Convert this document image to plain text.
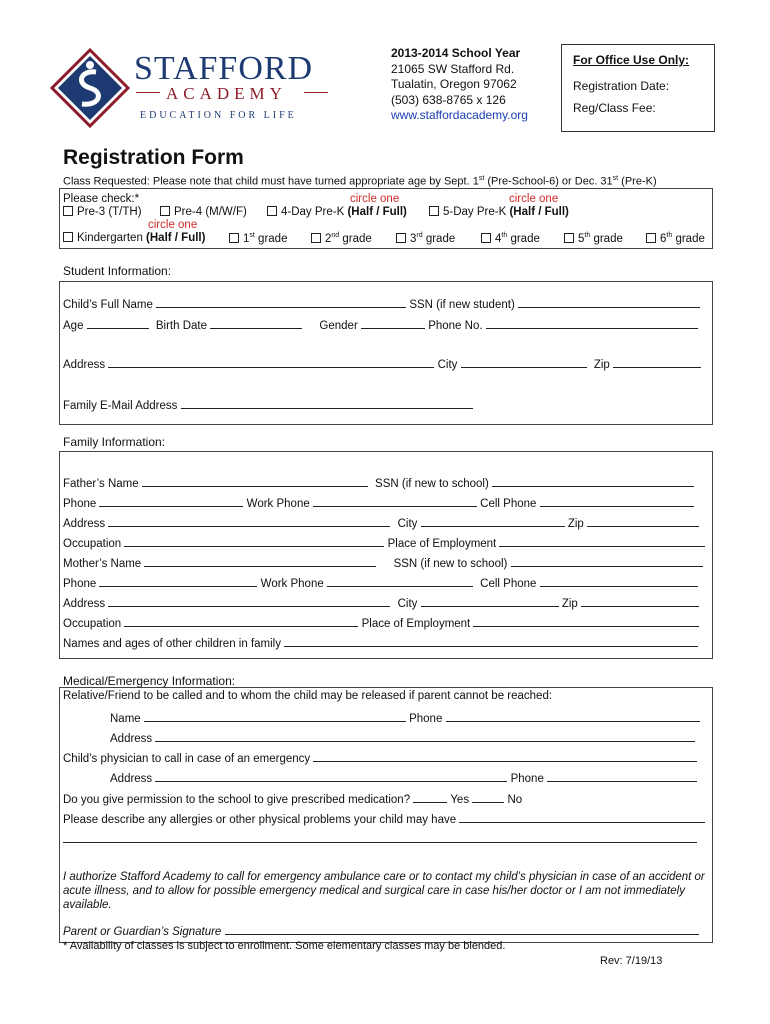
STAFFORD
ACADEMY
EDUCATION FOR LIFE
2013-2014 School Year
21065 SW Stafford Rd.
Tualatin, Oregon 97062
(503) 638-8765 x 126
www.staffordacademy.org
For Office Use Only:
Registration Date:
Reg/Class Fee:
Registration Form
Class Requested: Please note that child must have turned appropriate age by Sept. 1st (Pre-School-6) or Dec. 31st (Pre-K)
Please check:*	circle one	circle one
Pre-3 (T/TH)	Pre-4 (M/W/F)	4-Day Pre-K (Half / Full)	5-Day Pre-K (Half / Full)
circle one
Kindergarten (Half / Full)	1st grade	2nd grade	3rd grade	4th grade	5th grade	6th grade
Student Information:
Child’s Full Name	SSN (if new student)
Age	Birth Date	Gender	Phone No.
Address	City	Zip
Family E-Mail Address
Family Information:
Father’s Name	SSN (if new to school)
Phone	Work Phone	Cell Phone
Address	City	Zip
Occupation	Place of Employment
Mother’s Name	SSN (if new to school)
Phone	Work Phone	Cell Phone
Address	City	Zip
Occupation	Place of Employment
Names and ages of other children in family
Medical/Emergency Information:
Relative/Friend to be called and to whom the child may be released if parent cannot be reached:
Name	Phone
Address
Child’s physician to call in case of an emergency
Address	Phone
Do you give permission to the school to give prescribed medication?	Yes	No
Please describe any allergies or other physical problems your child may have
I authorize Stafford Academy to call for emergency ambulance care or to contact my child’s physician in case of an accident or
acute illness, and to allow for possible emergency medical and surgical care in case his/her doctor or I am not immediately
available.
Parent or Guardian’s Signature
* Availability of classes is subject to enrollment. Some elementary classes may be blended.
Rev: 7/19/13
